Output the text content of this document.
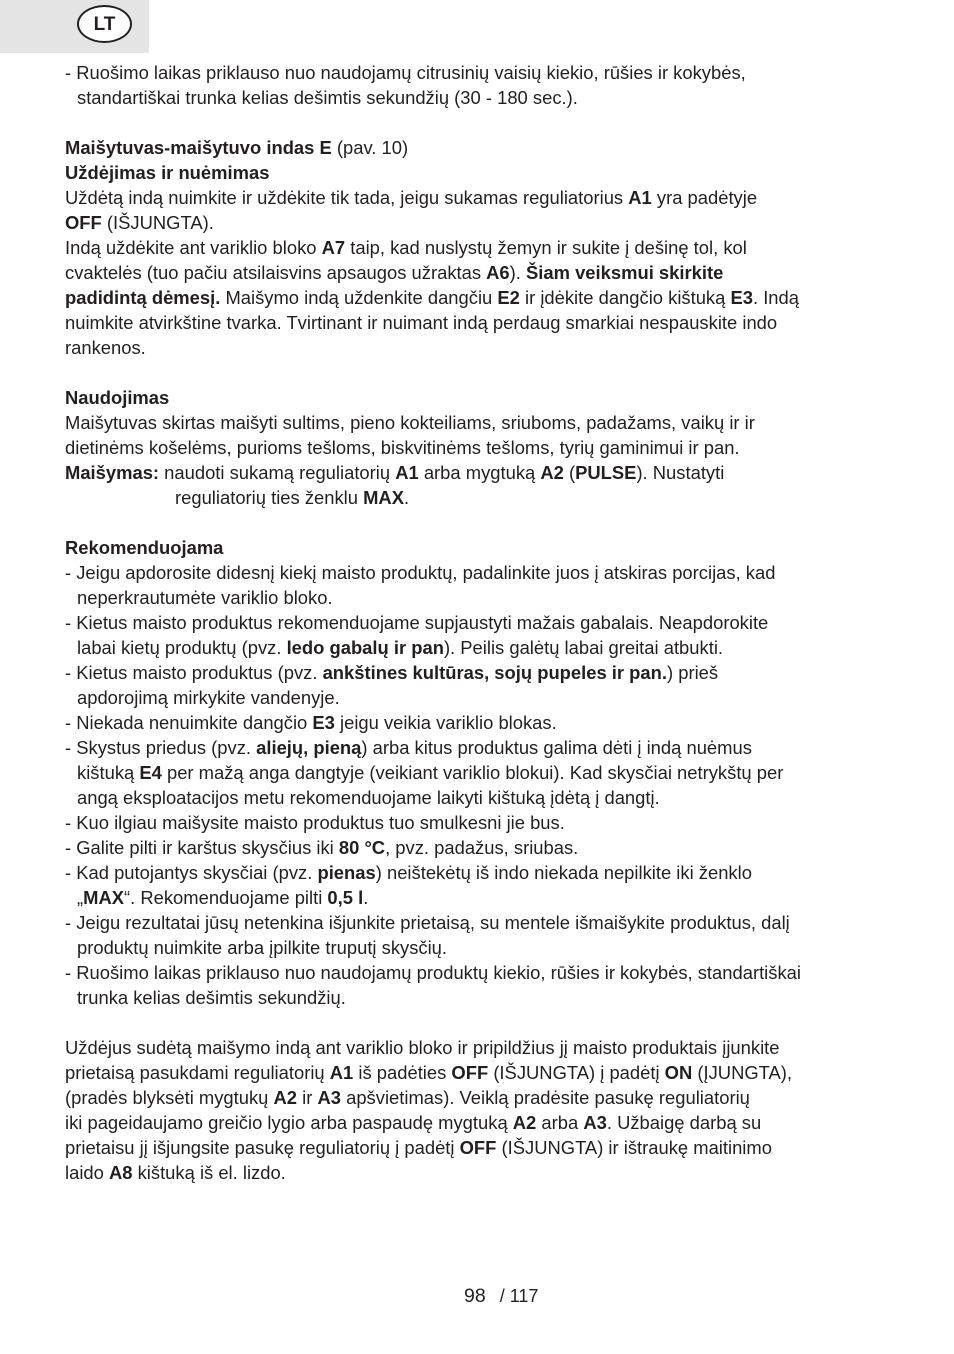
LT
- Ruošimo laikas priklauso nuo naudojamų citrusinių vaisių kiekio, rūšies ir kokybės,
standartiškai trunka kelias dešimtis sekundžių (30 - 180 sec.).
Maišytuvas-maišytuvo indas E (pav. 10)
Uždėjimas ir nuėmimas
Uždėtą indą nuimkite ir uždėkite tik tada, jeigu sukamas reguliatorius A1 yra padėtyje
OFF (IŠJUNGTA).
Indą uždėkite ant variklio bloko A7 taip, kad nuslystų žemyn ir sukite į dešinę tol, kol
cvaktelės (tuo pačiu atsilaisvins apsaugos užraktas A6). Šiam veiksmui skirkite
padidintą dėmesį. Maišymo indą uždenkite dangčiu E2 ir įdėkite dangčio kištuką E3. Indą
nuimkite atvirkštine tvarka. Tvirtinant ir nuimant indą perdaug smarkiai nespauskite indo
rankenos.
Naudojimas
Maišytuvas skirtas maišyti sultims, pieno kokteiliams, sriuboms, padažams, vaikų ir ir
dietinėms košelėms, purioms tešloms, biskvitinėms tešloms, tyrių gaminimui ir pan.
Maišymas: naudoti sukamą reguliatorių A1 arba mygtuką A2 (PULSE). Nustatyti
reguliatorių ties ženklu MAX.
Rekomenduojama
- Jeigu apdorosite didesnį kiekį maisto produktų, padalinkite juos į atskiras porcijas, kad
neperkrautumėte variklio bloko.
- Kietus maisto produktus rekomenduojame supjaustyti mažais gabalais. Neapdorokite
labai kietų produktų (pvz. ledo gabalų ir pan). Peilis galėtų labai greitai atbukti.
- Kietus maisto produktus (pvz. ankštines kultūras, sojų pupeles ir pan.) prieš
apdorojimą mirkykite vandenyje.
- Niekada nenuimkite dangčio E3 jeigu veikia variklio blokas.
- Skystus priedus (pvz. aliejų, pieną) arba kitus produktus galima dėti į indą nuėmus
kištuką E4 per mažą anga dangtyje (veikiant variklio blokui). Kad skysčiai netrykštų per
angą eksploatacijos metu rekomenduojame laikyti kištuką įdėtą į dangtį.
- Kuo ilgiau maišysite maisto produktus tuo smulkesni jie bus.
- Galite pilti ir karštus skysčius iki 80 °C, pvz. padažus, sriubas.
- Kad putojantys skysčiai (pvz. pienas) neištekėtų iš indo niekada nepilkite iki ženklo
„MAX“. Rekomenduojame pilti 0,5 l.
- Jeigu rezultatai jūsų netenkina išjunkite prietaisą, su mentele išmaišykite produktus, dalį
produktų nuimkite arba įpilkite truputį skysčių.
- Ruošimo laikas priklauso nuo naudojamų produktų kiekio, rūšies ir kokybės, standartiškai
trunka kelias dešimtis sekundžių.
Uždėjus sudėtą maišymo indą ant variklio bloko ir pripildžius jį maisto produktais įjunkite
prietaisą pasukdami reguliatorių A1 iš padėties OFF (IŠJUNGTA) į padėtį ON (ĮJUNGTA),
(pradės blyksėti mygtukų A2 ir A3 apšvietimas). Veiklą pradėsite pasukę reguliatorių
iki pageidaujamo greičio lygio arba paspaudę mygtuką A2 arba A3. Užbaigę darbą su
prietaisu jį išjungsite pasukę reguliatorių į padėtį OFF (IŠJUNGTA) ir ištraukę maitinimo
laido A8 kištuką iš el. lizdo.
98 / 117
